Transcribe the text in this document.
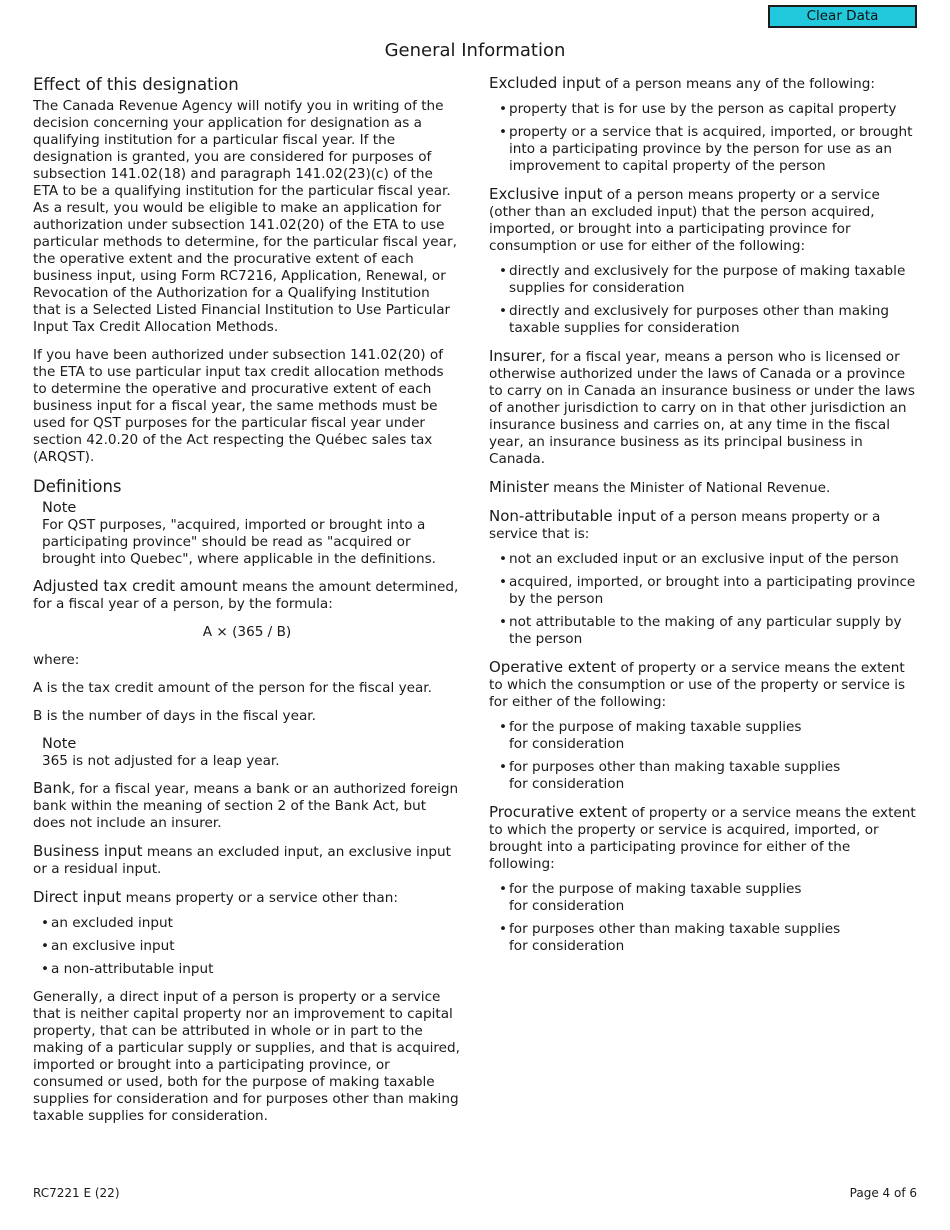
Clear Data
General Information
Effect of this designation

The Canada Revenue Agency will notify you in writing of the decision concerning your application for designation as a qualifying institution for a particular fiscal year. If the designation is granted, you are considered for purposes of subsection 141.02(18) and paragraph 141.02(23)(c) of the ETA to be a qualifying institution for the particular fiscal year. As a result, you would be eligible to make an application for authorization under subsection 141.02(20) of the ETA to use particular methods to determine, for the particular fiscal year, the operative extent and the procurative extent of each business input, using Form RC7216, Application, Renewal, or Revocation of the Authorization for a Qualifying Institution that is a Selected Listed Financial Institution to Use Particular Input Tax Credit Allocation Methods.

If you have been authorized under subsection 141.02(20) of the ETA to use particular input tax credit allocation methods to determine the operative and procurative extent of each business input for a fiscal year, the same methods must be used for QST purposes for the particular fiscal year under section 42.0.20 of the Act respecting the Québec sales tax (ARQST).

Definitions
Note
For QST purposes, "acquired, imported or brought into a participating province" should be read as "acquired or brought into Quebec", where applicable in the definitions.

Adjusted tax credit amount means the amount determined, for a fiscal year of a person, by the formula:

A × (365 / B)

where:

A is the tax credit amount of the person for the fiscal year.

B is the number of days in the fiscal year.

Note
365 is not adjusted for a leap year.

Bank, for a fiscal year, means a bank or an authorized foreign bank within the meaning of section 2 of the Bank Act, but does not include an insurer.

Business input means an excluded input, an exclusive input or a residual input.

Direct input means property or a service other than:

• an excluded input
• an exclusive input
• a non-attributable input

Generally, a direct input of a person is property or a service that is neither capital property nor an improvement to capital property, that can be attributed in whole or in part to the making of a particular supply or supplies, and that is acquired, imported or brought into a participating province, or consumed or used, both for the purpose of making taxable supplies for consideration and for purposes other than making taxable supplies for consideration.

Excluded input of a person means any of the following:

• property that is for use by the person as capital property
• property or a service that is acquired, imported, or brought into a participating province by the person for use as an improvement to capital property of the person

Exclusive input of a person means property or a service (other than an excluded input) that the person acquired, imported, or brought into a participating province for consumption or use for either of the following:

• directly and exclusively for the purpose of making taxable supplies for consideration
• directly and exclusively for purposes other than making taxable supplies for consideration

Insurer, for a fiscal year, means a person who is licensed or otherwise authorized under the laws of Canada or a province to carry on in Canada an insurance business or under the laws of another jurisdiction to carry on in that other jurisdiction an insurance business and carries on, at any time in the fiscal year, an insurance business as its principal business in Canada.

Minister means the Minister of National Revenue.

Non-attributable input of a person means property or a service that is:

• not an excluded input or an exclusive input of the person
• acquired, imported, or brought into a participating province by the person
• not attributable to the making of any particular supply by the person

Operative extent of property or a service means the extent to which the consumption or use of the property or service is for either of the following:

• for the purpose of making taxable supplies
for consideration
• for purposes other than making taxable supplies
for consideration

Procurative extent of property or a service means the extent to which the property or service is acquired, imported, or brought into a participating province for either of the following:

• for the purpose of making taxable supplies
for consideration
• for purposes other than making taxable supplies
for consideration
RC7221 E (22)	Page 4 of 6
